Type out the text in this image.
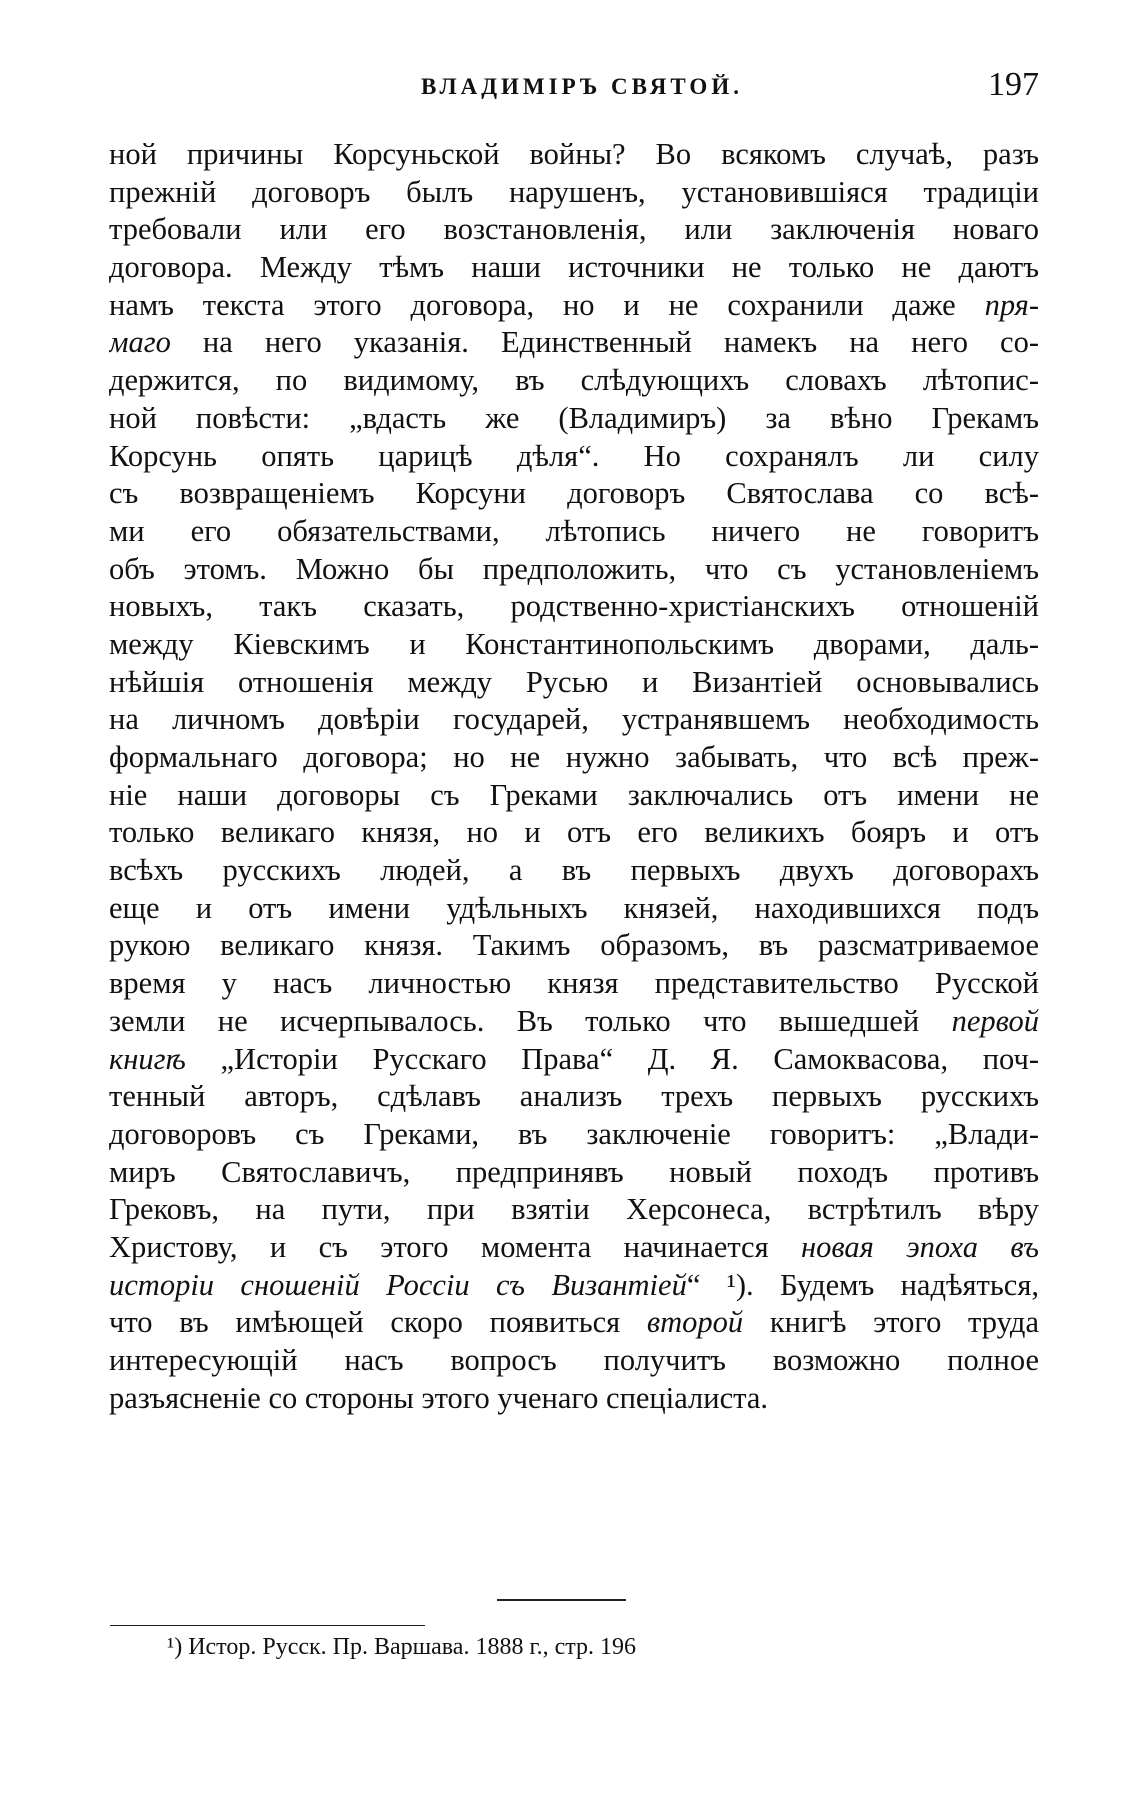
ВЛАДИМІРЪ СВЯТОЙ.	197
ной причины Корсуньской войны? Во всякомъ случаѣ, разъ
прежній договоръ былъ нарушенъ, установившіяся традиціи
требовали или его возстановленія, или заключенія новаго
договора. Между тѣмъ наши источники не только не даютъ
намъ текста этого договора, но и не сохранили даже пря-
маго на него указанія. Единственный намекъ на него со-
держится, по видимому, въ слѣдующихъ словахъ лѣтопис-
ной повѣсти: „вдасть же (Владимиръ) за вѣно Грекамъ
Корсунь опять царицѣ дѣля“. Но сохранялъ ли силу
съ возвращеніемъ Корсуни договоръ Святослава со всѣ-
ми его обязательствами, лѣтопись ничего не говоритъ
объ этомъ. Можно бы предположить, что съ установленіемъ
новыхъ, такъ сказать, родственно-христіанскихъ отношеній
между Кіевскимъ и Константинопольскимъ дворами, даль-
нѣйшія отношенія между Русью и Византіей основывались
на личномъ довѣріи государей, устранявшемъ необходимость
формальнаго договора; но не нужно забывать, что всѣ преж-
ніе наши договоры съ Греками заключались отъ имени не
только великаго князя, но и отъ его великихъ бояръ и отъ
всѣхъ русскихъ людей, а въ первыхъ двухъ договорахъ
еще и отъ имени удѣльныхъ князей, находившихся подъ
рукою великаго князя. Такимъ образомъ, въ разсматриваемое
время у насъ личностью князя представительство Русской
земли не исчерпывалось. Въ только что вышедшей первой
книгѣ „Исторіи Русскаго Права“ Д. Я. Самоквасова, поч-
тенный авторъ, сдѣлавъ анализъ трехъ первыхъ русскихъ
договоровъ съ Греками, въ заключеніе говоритъ: „Влади-
миръ Святославичъ, предпринявъ новый походъ противъ
Грековъ, на пути, при взятіи Херсонеса, встрѣтилъ вѣру
Христову, и съ этого момента начинается новая эпоха въ
исторіи сношеній Россіи съ Византіей“ ¹). Будемъ надѣяться,
что въ имѣющей скоро появиться второй книгѣ этого труда
интересующій насъ вопросъ получитъ возможно полное
разъясненіе со стороны этого ученаго спеціалиста.
¹) Истор. Русск. Пр. Варшава. 1888 г., стр. 196
